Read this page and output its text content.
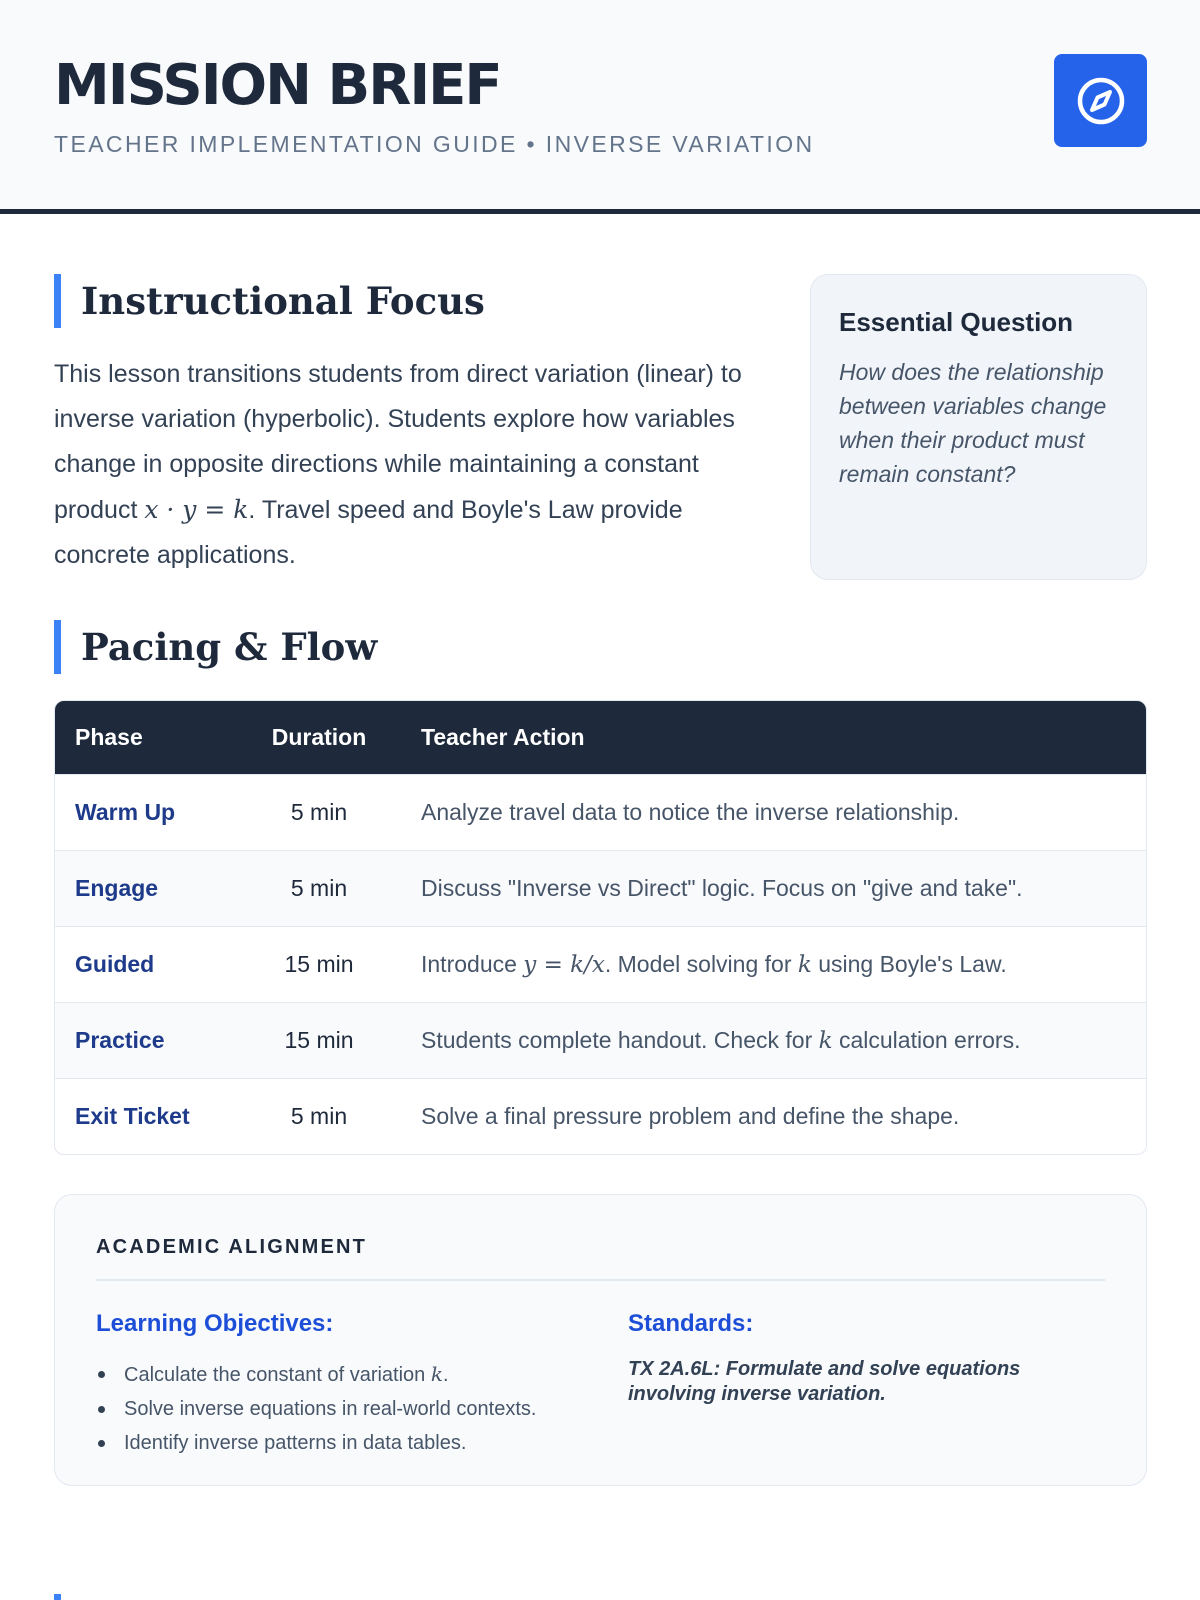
MISSION BRIEF
TEACHER IMPLEMENTATION GUIDE • INVERSE VARIATION
Instructional Focus

This lesson transitions students from direct variation (linear) to inverse variation (hyperbolic). Students explore how variables change in opposite directions while maintaining a constant product x · y = k. Travel speed and Boyle's Law provide concrete applications.

Essential Question
How does the relationship between variables change when their product must remain constant?
Pacing & Flow
Phase	Duration	Teacher Action
Warm Up	5 min	Analyze travel data to notice the inverse relationship.
Engage	5 min	Discuss "Inverse vs Direct" logic. Focus on "give and take".
Guided	15 min	Introduce y = k/x. Model solving for k using Boyle's Law.
Practice	15 min	Students complete handout. Check for k calculation errors.
Exit Ticket	5 min	Solve a final pressure problem and define the shape.
ACADEMIC ALIGNMENT
Learning Objectives:
Calculate the constant of variation k.
Solve inverse equations in real-world contexts.
Identify inverse patterns in data tables.
Standards:
TX 2A.6L: Formulate and solve equations involving inverse variation.
